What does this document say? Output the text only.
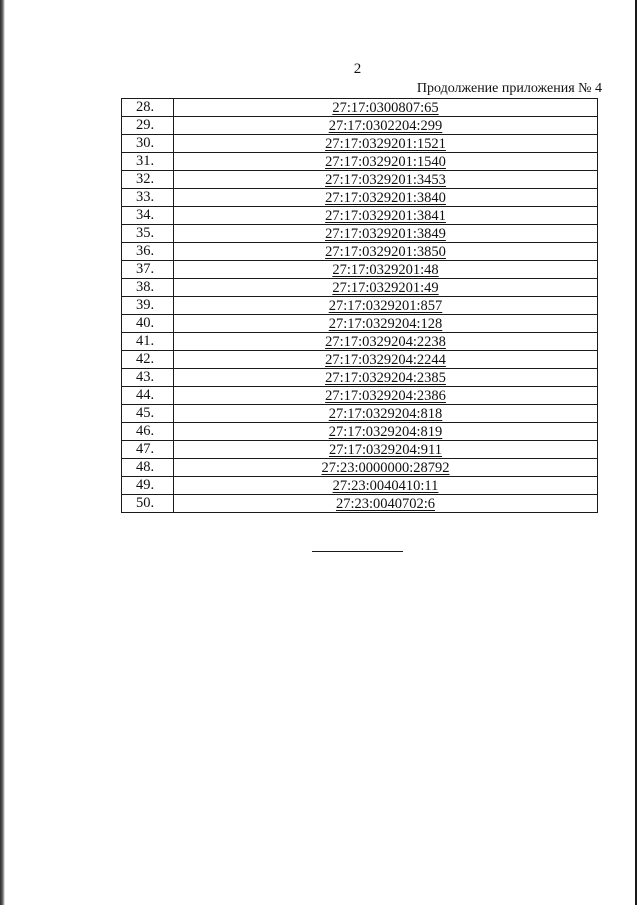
2
Продолжение приложения № 4
28.	27:17:0300807:65
29.	27:17:0302204:299
30.	27:17:0329201:1521
31.	27:17:0329201:1540
32.	27:17:0329201:3453
33.	27:17:0329201:3840
34.	27:17:0329201:3841
35.	27:17:0329201:3849
36.	27:17:0329201:3850
37.	27:17:0329201:48
38.	27:17:0329201:49
39.	27:17:0329201:857
40.	27:17:0329204:128
41.	27:17:0329204:2238
42.	27:17:0329204:2244
43.	27:17:0329204:2385
44.	27:17:0329204:2386
45.	27:17:0329204:818
46.	27:17:0329204:819
47.	27:17:0329204:911
48.	27:23:0000000:28792
49.	27:23:0040410:11
50.	27:23:0040702:6
